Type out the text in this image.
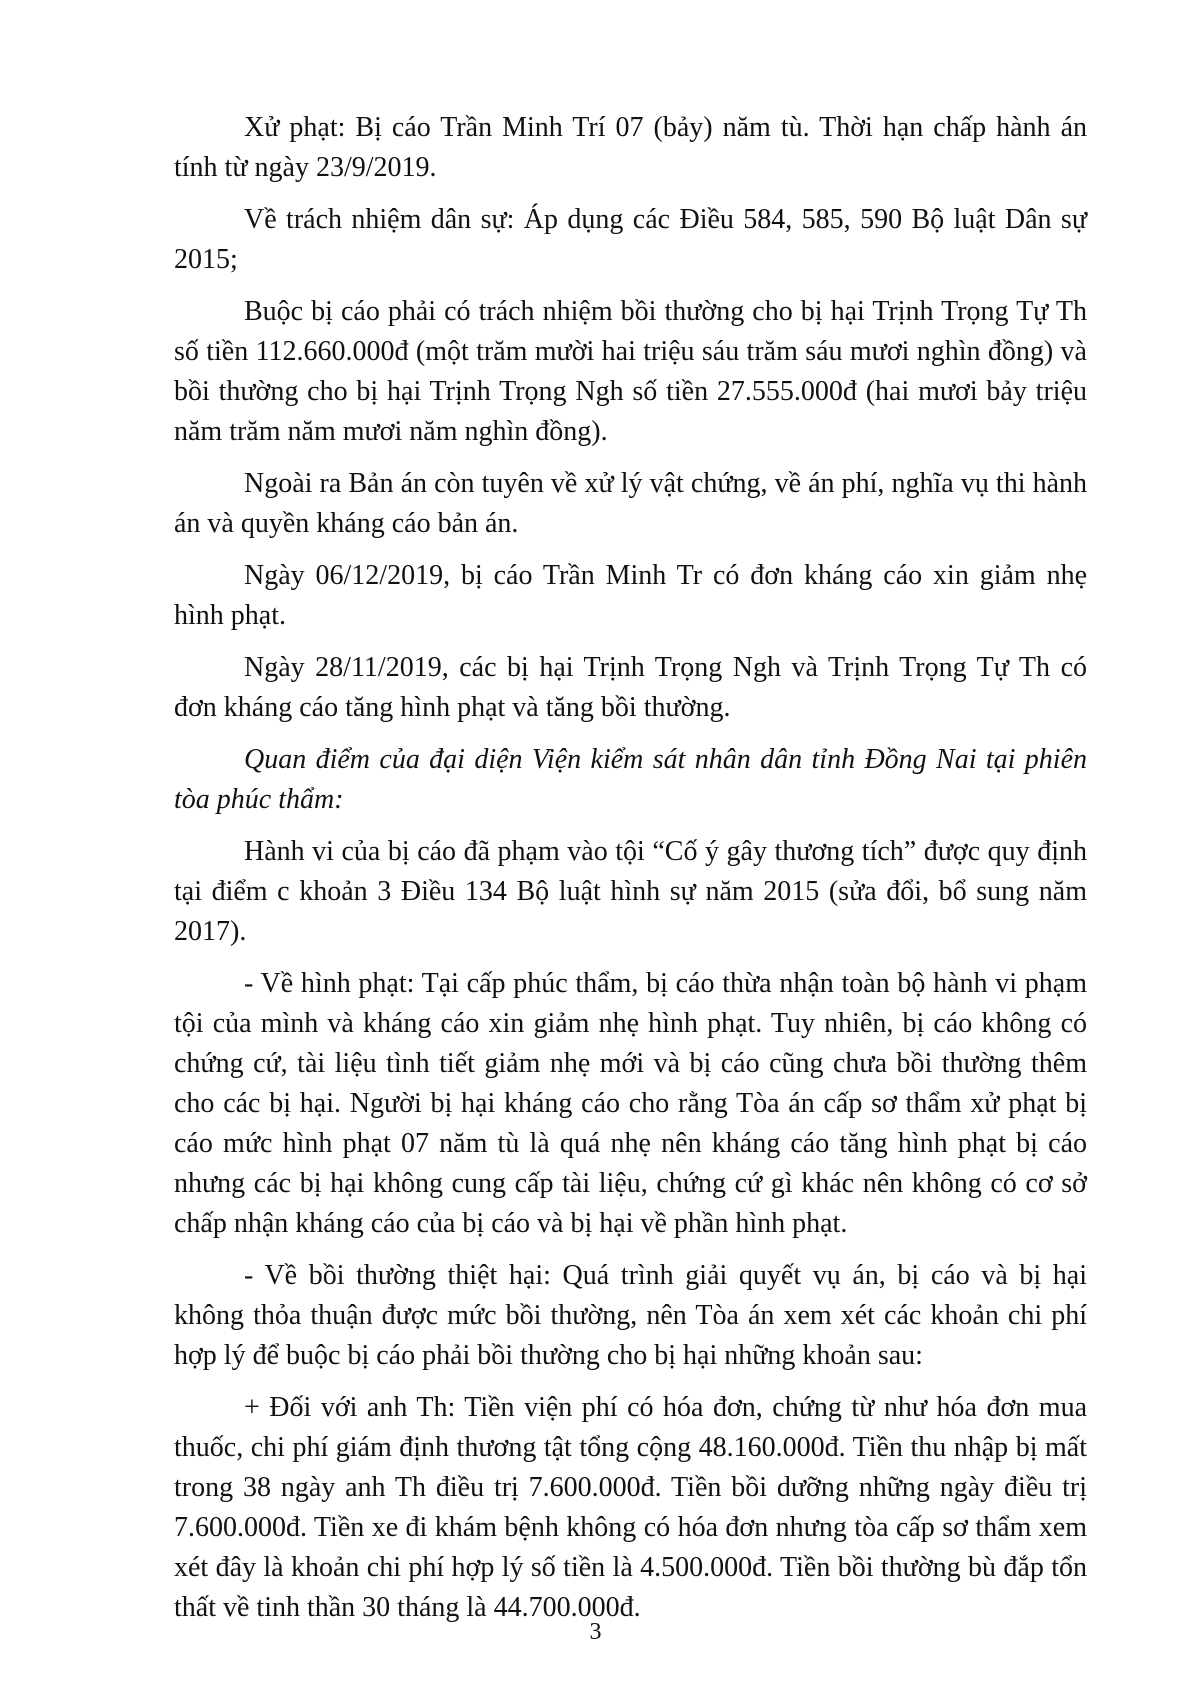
Xử phạt: Bị cáo Trần Minh Trí 07 (bảy) năm tù. Thời hạn chấp hành án tính từ ngày 23/9/2019.

Về trách nhiệm dân sự: Áp dụng các Điều 584, 585, 590 Bộ luật Dân sự 2015;

Buộc bị cáo phải có trách nhiệm bồi thường cho bị hại Trịnh Trọng Tự Th số tiền 112.660.000đ (một trăm mười hai triệu sáu trăm sáu mươi nghìn đồng) và bồi thường cho bị hại Trịnh Trọng Ngh số tiền 27.555.000đ (hai mươi bảy triệu năm trăm năm mươi năm nghìn đồng).

Ngoài ra Bản án còn tuyên về xử lý vật chứng, về án phí, nghĩa vụ thi hành án và quyền kháng cáo bản án.

Ngày 06/12/2019, bị cáo Trần Minh Tr có đơn kháng cáo xin giảm nhẹ hình phạt.

Ngày 28/11/2019, các bị hại Trịnh Trọng Ngh và Trịnh Trọng Tự Th có đơn kháng cáo tăng hình phạt và tăng bồi thường.

Quan điểm của đại diện Viện kiểm sát nhân dân tỉnh Đồng Nai tại phiên tòa phúc thẩm:

Hành vi của bị cáo đã phạm vào tội “Cố ý gây thương tích” được quy định tại điểm c khoản 3 Điều 134 Bộ luật hình sự năm 2015 (sửa đổi, bổ sung năm 2017).

- Về hình phạt: Tại cấp phúc thẩm, bị cáo thừa nhận toàn bộ hành vi phạm tội của mình và kháng cáo xin giảm nhẹ hình phạt. Tuy nhiên, bị cáo không có chứng cứ, tài liệu tình tiết giảm nhẹ mới và bị cáo cũng chưa bồi thường thêm cho các bị hại. Người bị hại kháng cáo cho rằng Tòa án cấp sơ thẩm xử phạt bị cáo mức hình phạt 07 năm tù là quá nhẹ nên kháng cáo tăng hình phạt bị cáo nhưng các bị hại không cung cấp tài liệu, chứng cứ gì khác nên không có cơ sở chấp nhận kháng cáo của bị cáo và bị hại về phần hình phạt.

- Về bồi thường thiệt hại: Quá trình giải quyết vụ án, bị cáo và bị hại không thỏa thuận được mức bồi thường, nên Tòa án xem xét các khoản chi phí hợp lý để buộc bị cáo phải bồi thường cho bị hại những khoản sau:

+ Đối với anh Th: Tiền viện phí có hóa đơn, chứng từ như hóa đơn mua thuốc, chi phí giám định thương tật tổng cộng 48.160.000đ. Tiền thu nhập bị mất trong 38 ngày anh Th điều trị 7.600.000đ. Tiền bồi dưỡng những ngày điều trị 7.600.000đ. Tiền xe đi khám bệnh không có hóa đơn nhưng tòa cấp sơ thẩm xem xét đây là khoản chi phí hợp lý số tiền là 4.500.000đ. Tiền bồi thường bù đắp tổn thất về tinh thần 30 tháng là 44.700.000đ.

3
